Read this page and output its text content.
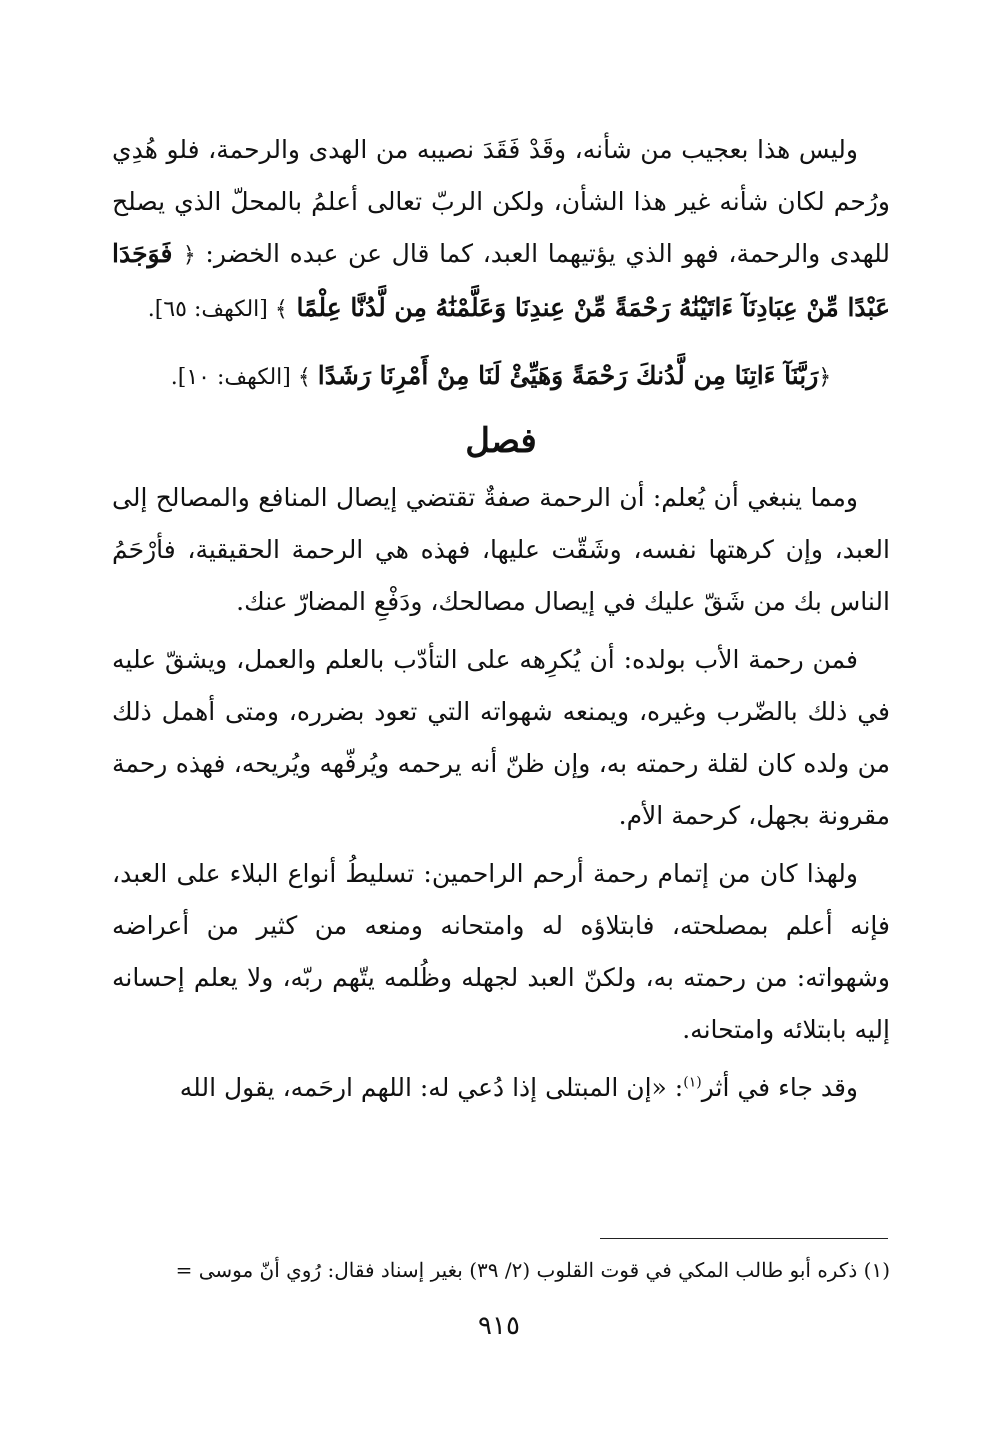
وليس هذا بعجيب من شأنه، وقَدْ فَقَدَ نصيبه من الهدى والرحمة، فلو هُدِي ورُحم لكان شأنه غير هذا الشأن، ولكن الربّ تعالى أعلمُ بالمحلّ الذي يصلح للهدى والرحمة، فهو الذي يؤتيهما العبد، كما قال عن عبده الخضر: ﴿ فَوَجَدَا عَبْدًا مِّنْ عِبَادِنَآ ءَاتَيْنَٰهُ رَحْمَةً مِّنْ عِندِنَا وَعَلَّمْنَٰهُ مِن لَّدُنَّا عِلْمًا ﴾ [الكهف: ٦٥].

﴿رَبَّنَآ ءَاتِنَا مِن لَّدُنكَ رَحْمَةً وَهَيِّئْ لَنَا مِنْ أَمْرِنَا رَشَدًا ﴾ [الكهف: ١٠].

فصل

ومما ينبغي أن يُعلم: أن الرحمة صفةٌ تقتضي إيصال المنافع والمصالح إلى العبد، وإن كرهتها نفسه، وشَقّت عليها، فهذه هي الرحمة الحقيقية، فأرْحَمُ الناس بك من شَقّ عليك في إيصال مصالحك، ودَفْعِ المضارّ عنك.

فمن رحمة الأب بولده: أن يُكرِهه على التأدّب بالعلم والعمل، ويشقّ عليه في ذلك بالضّرب وغيره، ويمنعه شهواته التي تعود بضرره، ومتى أهمل ذلك من ولده كان لقلة رحمته به، وإن ظنّ أنه يرحمه ويُرفّهه ويُريحه، فهذه رحمة مقرونة بجهل، كرحمة الأم.

ولهذا كان من إتمام رحمة أرحم الراحمين: تسليطُ أنواع البلاء على العبد، فإنه أعلم بمصلحته، فابتلاؤه له وامتحانه ومنعه من كثير من أعراضه وشهواته: من رحمته به، ولكنّ العبد لجهله وظُلمه يتّهم ربّه، ولا يعلم إحسانه إليه بابتلائه وامتحانه.

وقد جاء في أثر$^{(١)}$: «إن المبتلى إذا دُعي له: اللهم ارحَمه، يقول الله

(١) ذكره أبو طالب المكي في قوت القلوب (٢/ ٣٩) بغير إسناد فقال: رُوي أنّ موسى =
٩١٥
